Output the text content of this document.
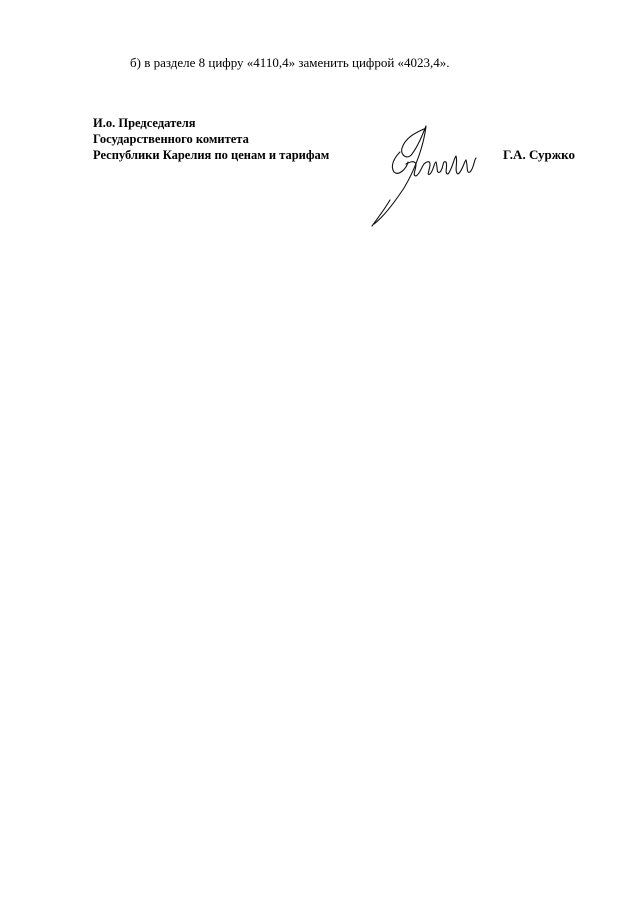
б) в разделе 8 цифру «4110,4» заменить цифрой «4023,4».
И.о. Председателя
Государственного комитета
Республики Карелия по ценам и тарифам	Г.А. Суржко
